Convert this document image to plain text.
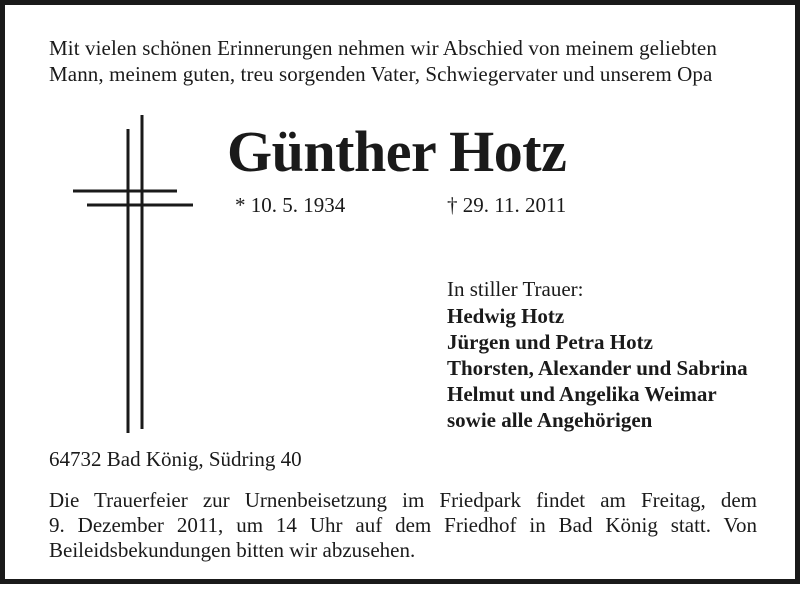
Mit vielen schönen Erinnerungen nehmen wir Abschied von meinem geliebten
Mann, meinem guten, treu sorgenden Vater, Schwiegervater und unserem Opa
Günther Hotz
* 10. 5. 1934	† 29. 11. 2011
In stiller Trauer:
Hedwig Hotz
Jürgen und Petra Hotz
Thorsten, Alexander und Sabrina
Helmut und Angelika Weimar
sowie alle Angehörigen
64732 Bad König, Südring 40
Die Trauerfeier zur Urnenbeisetzung im Friedpark findet am Freitag, dem
9. Dezember 2011, um 14 Uhr auf dem Friedhof in Bad König statt. Von
Beileidsbekundungen bitten wir abzusehen.
